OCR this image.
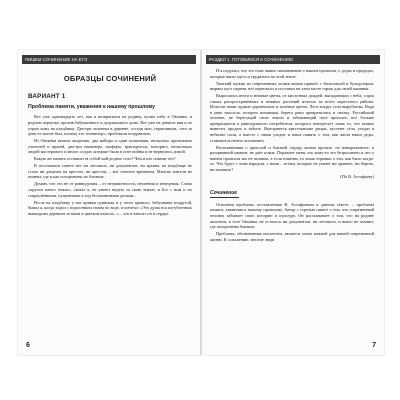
ПИШЕМ СОЧИНЕНИЕ НА ЕГЭ
ОБРАЗЦЫ СОЧИНЕНИЙ
ВАРИАНТ 1
Проблема памяти, уважения к нашему прошлому

Вот уже одиннадцать лет, как я возвратился на родину, купил избу в Овсянке, в родном переулке, против бабушкиного и дедушкиного дома. Вот уже на девятое мая я по утрам хожу на кладбище. Два-три человека в деревне, соседи мои, спрашивали, «что за день-то нонче был, почему это телевизор», пробовали поздравлять.

Из Овсянки вышли академик, два майора и один полковник, несколько прилежных учителей и врачей, два-три инженера, шоферы, трактористы, моторист, нескольких людей мастерового и много солдат, которые были в огне войны и не вернулись домой.

Какую же память оставили за собой мой родное село? Чем и кто помнит его?

В поселковом совете нет ни летописи, ни документов, ни архива, на кладбище не стало ни дощечек на крестах, ни крестов, – всё сметено временем. Многие жители не помнят, где и как похоронены их близкие.

Думаю, что это не от равнодушия – от неграмотности, неумения и неведения. Слова «кругом много земли», сказал я, не умеют видеть за свою землю, и Бог с ним и их сокрушёнными, пущенными в ход беспамятными делами...

Росла на кладбище у нас кривая одинокая и у этого кривого, бабушкина подругой, бывал я, когда ходил с поросенком своим по воде, и шептал: «Это душа вся погубленных вышедших деревьев за нами и цветком взошла...» – это и вносит он в сердце.

6
РАЗДЕЛ 1. ГОТОВИМСЯ К СОЧИНЕНИЮ

И я подумал, что это тоже живое напоминание о нашем прошлом, о дедах и прадедах, которые жили здесь и трудились на этой земле.

Хваткий мужик из современных хозяев жизни пришёл с бензопилой и бульдозером, вырвал куст сирени, всё перепахал и поставил на этом месте гараж для своей машины.

Выросшись итоги и нежные цветы, от кислотных дождей, выпадающих с неба, сорок самых распространённых и нежных растений исчезло из всего окрестного района. Исчезли наши чудные деревенские и полевые цветы. Леса вокруг села вырублены. Вода в реке высохла, позорно вонявшая, берега реки превратились в свалку. Российский человек, не берегущий свою землю и забывающий своё прошлое, всё больше превращается в равнодушного потребителя, которого интересует лишь то, что можно вывезти, продать и забыть. Выгораются крестьянские дворы, пустеют сёла, уходят в небытие поля, а вместе с ними уходит и наша память о том, как жили наши деды, становится нечего вспомнить.

Воспоминания о прошлой и близкой сердцу жизни прошло, но невыраженное, в разорванной памяти, не даёт покоя. Поражает меня, что кому-то это безразлично и что о нашем прошлом мы не помним, а если помним, то лишь отрывки о том, как было когда-то. Что будет с этим народом, с нами – всеми, которые не умеют ни хранить, ни беречь, ни помнить?

(По В. Астафьеву)

Сочинение

Основная проблема, поставленная В. Астафьевым в данном тексте, – проблема памяти, уважения к нашему прошлому. Автор с горечью пишет о том, что современный человек забывает свою историю и культуру. Он рассказывает о том, что на родине писателя, в селе Овсянка, не осталось ни документов, ни летописи, и никто не помнит, где похоронены близкие.

Проблема, обозначенная писателем, является очень важной для нашей современной жизни. К сожалению, многие люди

7
